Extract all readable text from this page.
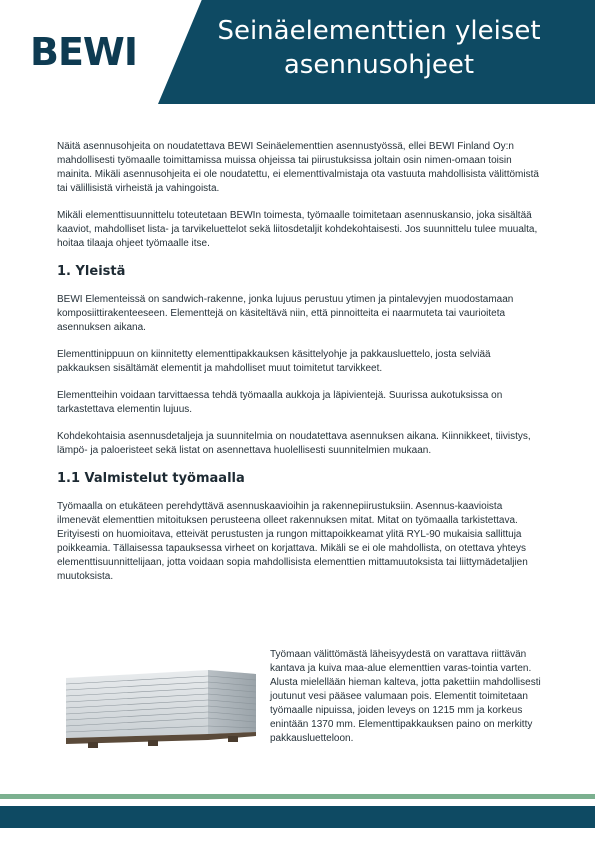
BEWI	Seinäelementtien yleiset
asennusohjeet

Näitä asennusohjeita on noudatettava BEWI Seinäelementtien asennustyössä, ellei BEWI Finland Oy:n mahdollisesti työmaalle toimittamissa muissa ohjeissa tai piirustuksissa joltain osin nimen-omaan toisin mainita. Mikäli asennusohjeita ei ole noudatettu, ei elementtivalmistaja ota vastuuta mahdollisista välittömistä tai välillisistä virheistä ja vahingoista.

Mikäli elementtisuunnittelu toteutetaan BEWIn toimesta, työmaalle toimitetaan asennuskansio, joka sisältää kaaviot, mahdolliset lista- ja tarvikeluettelot sekä liitosdetaljit kohdekohtaisesti. Jos suunnittelu tulee muualta, hoitaa tilaaja ohjeet työmaalle itse.

1. Yleistä

BEWI Elementeissä on sandwich-rakenne, jonka lujuus perustuu ytimen ja pintalevyjen muodostamaan komposiittirakenteeseen. Elementtejä on käsiteltävä niin, että pinnoitteita ei naarmuteta tai vaurioiteta asennuksen aikana.

Elementtinippuun on kiinnitetty elementtipakkauksen käsittelyohje ja pakkausluettelo, josta selviää pakkauksen sisältämät elementit ja mahdolliset muut toimitetut tarvikkeet.

Elementteihin voidaan tarvittaessa tehdä työmaalla aukkoja ja läpivientejä. Suurissa aukotuksissa on tarkastettava elementin lujuus.

Kohdekohtaisia asennusdetaljeja ja suunnitelmia on noudatettava asennuksen aikana. Kiinnikkeet, tiivistys, lämpö- ja paloeristeet sekä listat on asennettava huolellisesti suunnitelmien mukaan.

1.1 Valmistelut työmaalla

Työmaalla on etukäteen perehdyttävä asennuskaavioihin ja rakennepiirustuksiin. Asennus-kaavioista ilmenevät elementtien mitoituksen perusteena olleet rakennuksen mitat. Mitat on työmaalla tarkistettava. Erityisesti on huomioitava, etteivät perustusten ja rungon mittapoikkeamat ylitä RYL-90 mukaisia sallittuja poikkeamia. Tällaisessa tapauksessa virheet on korjattava. Mikäli se ei ole mahdollista, on otettava yhteys elementtisuunnittelijaan, jotta voidaan sopia mahdollisista elementtien mittamuutoksista tai liittymädetaljien muutoksista.

Työmaan välittömästä läheisyydestä on varattava riittävän kantava ja kuiva maa-alue elementtien varas-tointia varten. Alusta mielellään hieman kalteva, jotta pakettiin mahdollisesti joutunut vesi pääsee valumaan pois. Elementit toimitetaan työmaalle nipuissa, joiden leveys on 1215 mm ja korkeus enintään 1370 mm. Elementtipakkauksen paino on merkitty pakkausluetteloon.
